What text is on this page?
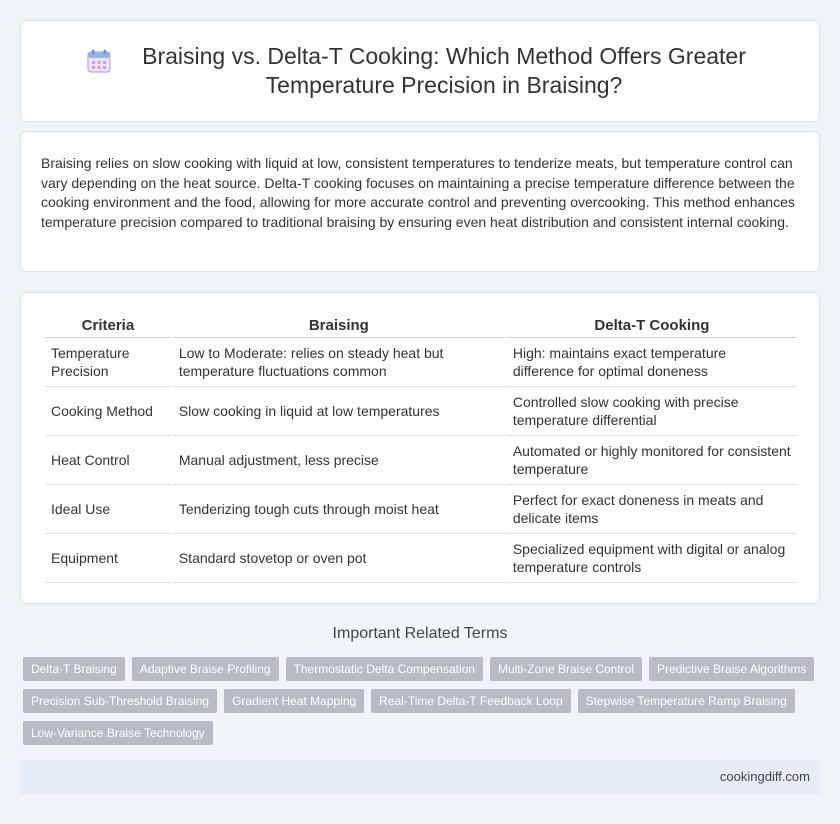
Braising vs. Delta-T Cooking: Which Method Offers Greater Temperature Precision in Braising?

Braising relies on slow cooking with liquid at low, consistent temperatures to tenderize meats, but temperature control can vary depending on the heat source. Delta-T cooking focuses on maintaining a precise temperature difference between the cooking environment and the food, allowing for more accurate control and preventing overcooking. This method enhances temperature precision compared to traditional braising by ensuring even heat distribution and consistent internal cooking.

Criteria	Braising	Delta-T Cooking
Temperature Precision	Low to Moderate: relies on steady heat but temperature fluctuations common	High: maintains exact temperature difference for optimal doneness
Cooking Method	Slow cooking in liquid at low temperatures	Controlled slow cooking with precise temperature differential
Heat Control	Manual adjustment, less precise	Automated or highly monitored for consistent temperature
Ideal Use	Tenderizing tough cuts through moist heat	Perfect for exact doneness in meats and delicate items
Equipment	Standard stovetop or oven pot	Specialized equipment with digital or analog temperature controls
Important Related Terms
Delta-T Braising	Adaptive Braise Profiling	Thermostatic Delta Compensation	Multi-Zone Braise Control	Predictive Braise Algorithms
Precision Sub-Threshold Braising	Gradient Heat Mapping	Real-Time Delta-T Feedback Loop	Stepwise Temperature Ramp Braising
Low-Variance Braise Technology
cookingdiff.com
